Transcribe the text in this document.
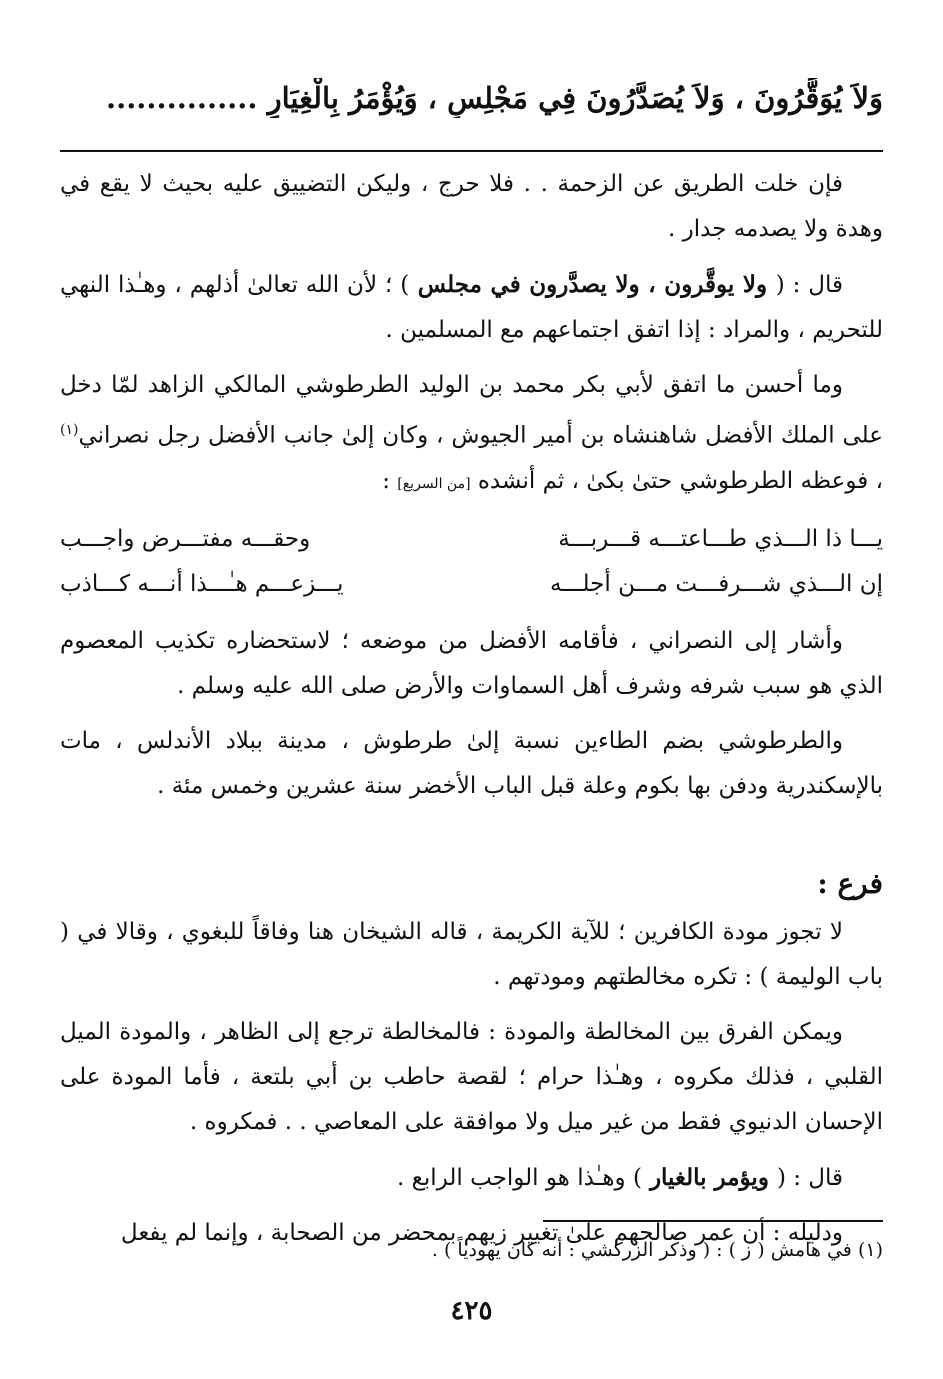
وَلاَ يُوَقَّرُونَ ، وَلاَ يُصَدَّرُونَ فِي مَجْلِسٍ ، وَيُؤْمَرُ بِالْغِيَارِ ...............

فإن خلت الطريق عن الزحمة . . فلا حرج ، وليكن التضييق عليه بحيث لا يقع في وهدة ولا يصدمه جدار .

قال : ( ولا يوقَّرون ، ولا يصدَّرون في مجلس ) ؛ لأن الله تعالىٰ أذلهم ، وهـٰذا النهي للتحريم ، والمراد : إذا اتفق اجتماعهم مع المسلمين .

وما أحسن ما اتفق لأبي بكر محمد بن الوليد الطرطوشي المالكي الزاهد لمّا دخل على الملك الأفضل شاهنشاه بن أمير الجيوش ، وكان إلىٰ جانب الأفضل رجل نصراني$^{(١)}$ ، فوعظه الطرطوشي حتىٰ بكىٰ ، ثم أنشده [من السريع] :

يـــا ذا الـــذي طـــاعتـــه قـــربـــة
وحقـــه مفتـــرض واجـــب
إن الـــذي شـــرفـــت مـــن أجلـــه
يـــزعـــم هـٰـــذا أنـــه كـــاذب

وأشار إلى النصراني ، فأقامه الأفضل من موضعه ؛ لاستحضاره تكذيب المعصوم الذي هو سبب شرفه وشرف أهل السماوات والأرض صلى الله عليه وسلم .

والطرطوشي بضم الطاءين نسبة إلىٰ طرطوش ، مدينة ببلاد الأندلس ، مات بالإسكندرية ودفن بها بكوم وعلة قبل الباب الأخضر سنة عشرين وخمس مئة .

فرع :

لا تجوز مودة الكافرين ؛ للآية الكريمة ، قاله الشيخان هنا وفاقاً للبغوي ، وقالا في ( باب الوليمة ) : تكره مخالطتهم ومودتهم .

ويمكن الفرق بين المخالطة والمودة : فالمخالطة ترجع إلى الظاهر ، والمودة الميل القلبي ، فذلك مكروه ، وهـٰذا حرام ؛ لقصة حاطب بن أبي بلتعة ، فأما المودة على الإحسان الدنيوي فقط من غير ميل ولا موافقة على المعاصي . . فمكروه .

قال : ( ويؤمر بالغيار ) وهـٰذا هو الواجب الرابع .

ودليله : أن عمر صالحهم علىٰ تغيير زيهم بمحضر من الصحابة ، وإنما لم يفعل

(١) في هامش ( ز ) : ( وذكر الزركشي : أنه كان يهودياً ) .
٤٢٥
